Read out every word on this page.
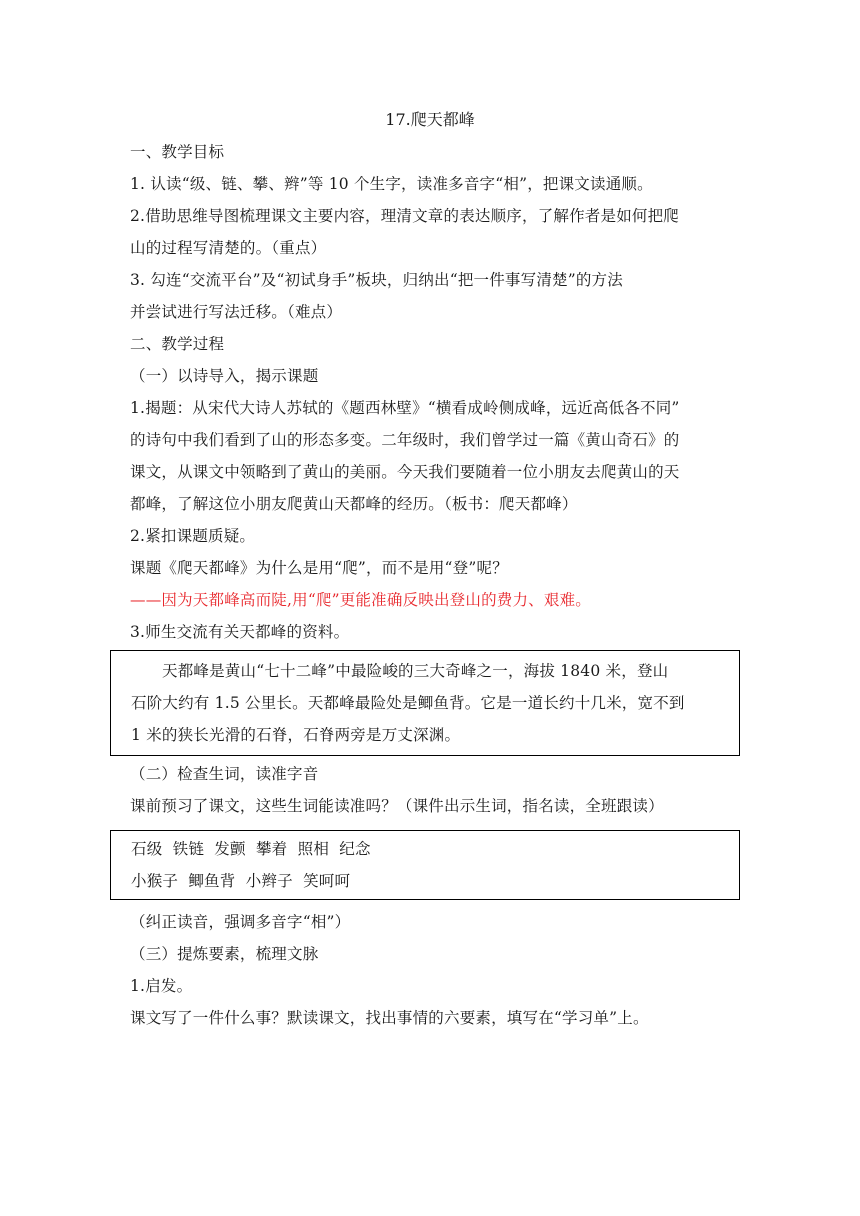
17.爬天都峰

一、教学目标

1. 认读“级、链、攀、辫”等 10 个生字，读准多音字“相”，把课文读通顺。

2.借助思维导图梳理课文主要内容，理清文章的表达顺序，了解作者是如何把爬

山的过程写清楚的。（重点）

3. 勾连“交流平台”及“初试身手”板块，归纳出“把一件事写清楚”的方法

并尝试进行写法迁移。（难点）

二、教学过程

（一）以诗导入，揭示课题

1.揭题：从宋代大诗人苏轼的《题西林壁》“横看成岭侧成峰，远近高低各不同”

的诗句中我们看到了山的形态多变。二年级时，我们曾学过一篇《黄山奇石》的

课文，从课文中领略到了黄山的美丽。今天我们要随着一位小朋友去爬黄山的天

都峰，了解这位小朋友爬黄山天都峰的经历。（板书：爬天都峰）

2.紧扣课题质疑。

课题《爬天都峰》为什么是用“爬”，而不是用“登”呢？

——因为天都峰高而陡,用“爬”更能准确反映出登山的费力、艰难。

3.师生交流有关天都峰的资料。

天都峰是黄山“七十二峰”中最险峻的三大奇峰之一，海拔 1840 米，登山

石阶大约有 1.5 公里长。天都峰最险处是鲫鱼背。它是一道长约十几米，宽不到

1 米的狭长光滑的石脊，石脊两旁是万丈深渊。

（二）检查生词，读准字音

课前预习了课文，这些生词能读准吗？（课件出示生词，指名读，全班跟读）

石级  铁链  发颤  攀着  照相  纪念

小猴子  鲫鱼背  小辫子  笑呵呵

（纠正读音，强调多音字“相”）

（三）提炼要素，梳理文脉

1.启发。

课文写了一件什么事？默读课文，找出事情的六要素，填写在“学习单”上。
